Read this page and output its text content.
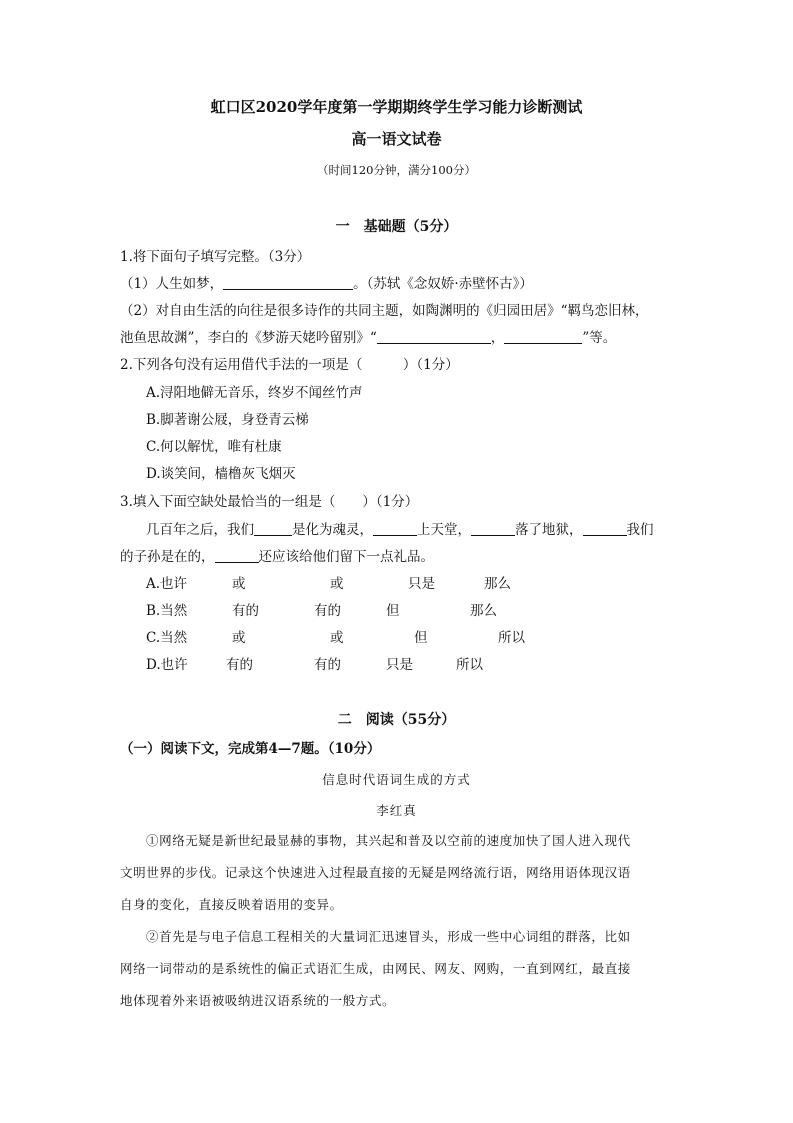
虹口区2020学年度第一学期期终学生学习能力诊断测试
高一语文试卷
（时间120分钟，满分100分）
一　基础题（5分）
1.将下面句子填写完整。（3分）
（1）人生如梦，	。（苏轼《念奴娇·赤壁怀古》）
（2）对自由生活的向往是很多诗作的共同主题，如陶渊明的《归园田居》“羁鸟恋旧林，
池鱼思故渊”，李白的《梦游天姥吟留别》“	，	”等。
2.下列各句没有运用借代手法的一项是（　　　）（1分）
A.浔阳地僻无音乐，终岁不闻丝竹声
B.脚著谢公屐，身登青云梯
C.何以解忧，唯有杜康
D.谈笑间，樯橹灰飞烟灭
3.填入下面空缺处最恰当的一组是（　　）（1分）
几百年之后，我们	是化为魂灵，	上天堂，	落了地狱，	我们
的子孙是在的，	还应该给他们留下一点礼品。
A.也许	或	或	只是	那么
B.当然	有的	有的	但	那么
C.当然	或	或	但	所以
D.也许	有的	有的	只是	所以
二　阅读（55分）
（一）阅读下文，完成第4—7题。（10分）
信息时代语词生成的方式
李红真
①网络无疑是新世纪最显赫的事物，其兴起和普及以空前的速度加快了国人进入现代
文明世界的步伐。记录这个快速进入过程最直接的无疑是网络流行语，网络用语体现汉语
自身的变化，直接反映着语用的变异。
②首先是与电子信息工程相关的大量词汇迅速冒头，形成一些中心词组的群落，比如
网络一词带动的是系统性的偏正式语汇生成，由网民、网友、网购，一直到网红，最直接
地体现着外来语被吸纳进汉语系统的一般方式。
